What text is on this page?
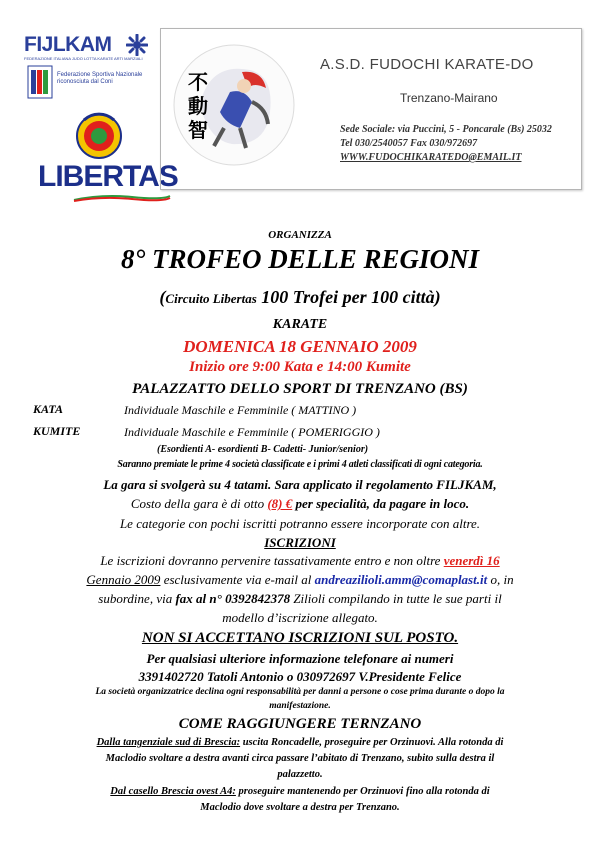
FIJLKAM
FEDERAZIONE ITALIANA JUDO LOTTA KARATE ARTI MARZIALI
Federazione Sportiva Nazionale
riconosciuta dal Coni
LIBERTAS
不動智
A.S.D. FUDOCHI KARATE-DO
Trenzano-Mairano
Sede Sociale: via Puccini, 5 - Poncarale (Bs) 25032
Tel 030/2540057 Fax 030/972697
WWW.FUDOCHIKARATEDO@EMAIL.IT
ORGANIZZA
8° TROFEO DELLE REGIONI
(Circuito Libertas 100 Trofei per 100 città)
KARATE
DOMENICA 18 GENNAIO 2009
Inizio ore 9:00 Kata e 14:00 Kumite
PALAZZATTO DELLO SPORT DI TRENZANO (BS)
KATA	Individuale Maschile e Femminile ( MATTINO )
KUMITE	Individuale Maschile e Femminile ( POMERIGGIO )
(Esordienti A- esordienti B- Cadetti- Junior/senior)
Saranno premiate le prime 4 società classificate e i primi 4 atleti classificati di ogni categoria.
La gara si svolgerà su 4 tatami. Sara applicato il regolamento FILJKAM,
Costo della gara è di otto (8) € per specialità, da pagare in loco.
Le categorie con pochi iscritti potranno essere incorporate con altre.
ISCRIZIONI
Le iscrizioni dovranno pervenire tassativamente entro e non oltre venerdì 16
Gennaio 2009 esclusivamente via e-mail al andreazilioli.amm@comaplast.it o, in
subordine, via fax al n° 0392842378 Zilioli compilando in tutte le sue parti il
modello d’iscrizione allegato.
NON SI ACCETTANO ISCRIZIONI SUL POSTO.
Per qualsiasi ulteriore informazione telefonare ai numeri
3391402720 Tatoli Antonio o 030972697 V.Presidente Felice
La società organizzatrice declina ogni responsabilità per danni a persone o cose prima durante o dopo la
manifestazione.
COME RAGGIUNGERE TERNZANO
Dalla tangenziale sud di Brescia: uscita Roncadelle, proseguire per Orzinuovi. Alla rotonda di
Maclodio svoltare a destra avanti circa passare l’abitato di Trenzano, subito sulla destra il
palazzetto.
Dal casello Brescia ovest A4: proseguire mantenendo per Orzinuovi fino alla rotonda di
Maclodio dove svoltare a destra per Trenzano.
